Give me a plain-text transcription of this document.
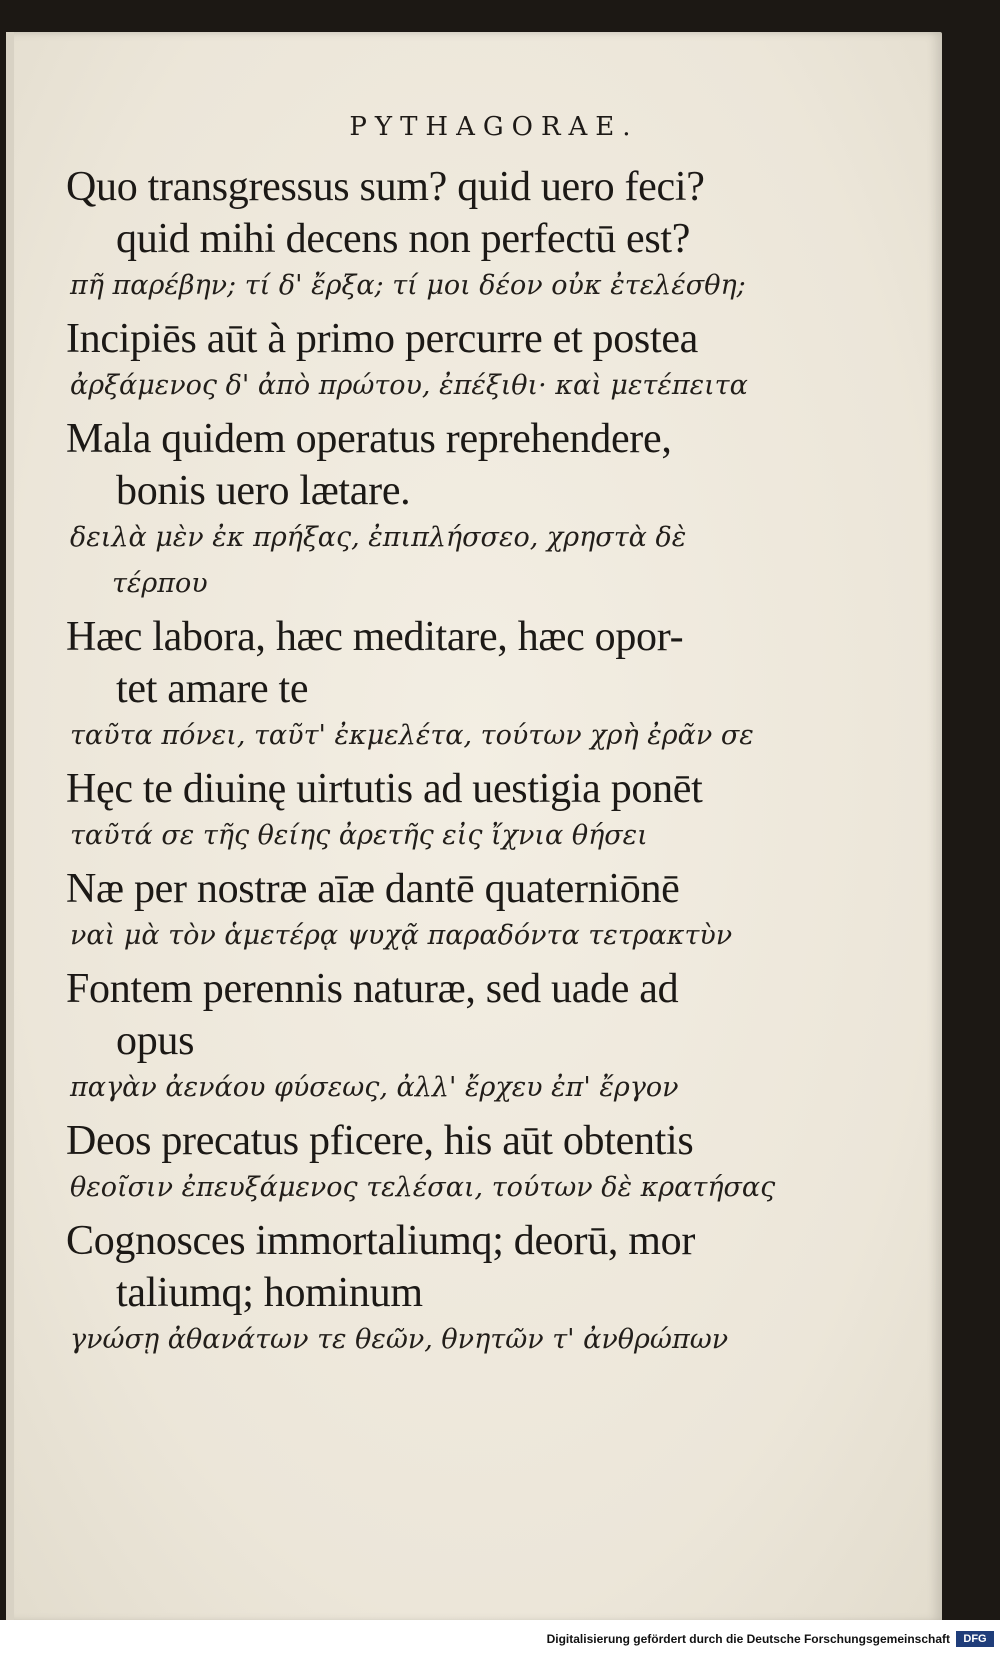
PYTHAGORAE.
Quo transgressus sum? quid uero feci?
quid mihi decens non perfectū est?
πῆ παρέβην; τί δ' ἔρξα; τί μοι δέον οὐκ ἐτελέσθη;
Incipiēs aūt à primo percurre et postea
ἀρξάμενος δ' ἀπὸ πρώτου, ἐπέξιθι· καὶ μετέπειτα
Mala quidem operatus reprehendere,
bonis uero lætare.
δειλὰ μὲν ἐκ πρήξας, ἐπιπλήσσεο, χρηστὰ δὲ
τέρπου
Hæc labora, hæc meditare, hæc opor-
tet amare te
ταῦτα πόνει, ταῦτ' ἐκμελέτα, τούτων χρὴ ἐρᾶν σε
Hęc te diuinę uirtutis ad uestigia ponēt
ταῦτά σε τῆς θείης ἀρετῆς εἰς ἴχνια θήσει
Næ per nostræ aīæ dantē quaterniōnē
ναὶ μὰ τὸν ἁμετέρᾳ ψυχᾷ παραδόντα τετρακτὺν
Fontem perennis naturæ, sed uade ad
opus
παγὰν ἀενάου φύσεως, ἀλλ' ἔρχευ ἐπ' ἔργον
Deos precatus pficere, his aūt obtentis
θεοῖσιν ἐπευξάμενος τελέσαι, τούτων δὲ κρατήσας
Cognosces immortaliumq; deorū, mor
taliumq; hominum
γνώσῃ ἀθανάτων τε θεῶν, θνητῶν τ' ἀνθρώπων
Digitalisierung gefördert durch die Deutsche Forschungsgemeinschaft	DFG
